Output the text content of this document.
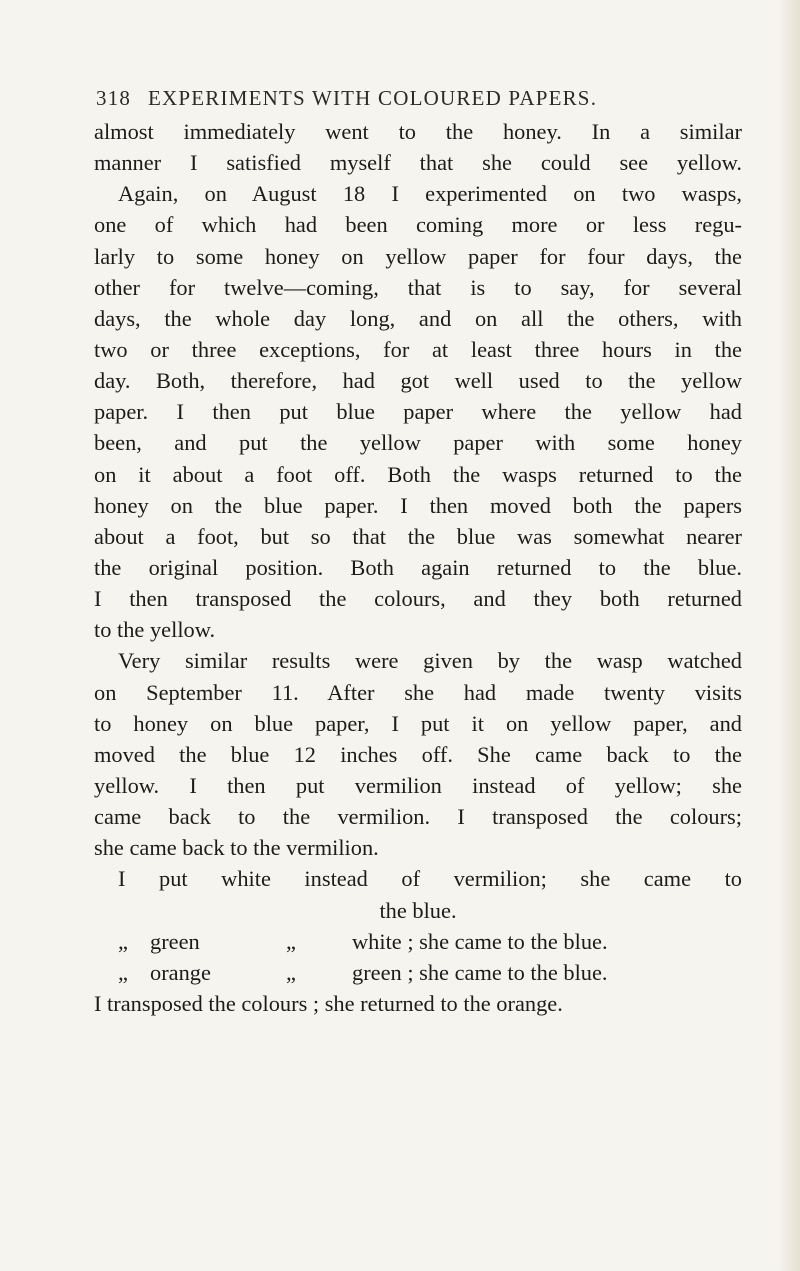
318 EXPERIMENTS WITH COLOURED PAPERS.
almost immediately went to the honey. In a similar
manner I satisfied myself that she could see yellow.
Again, on August 18 I experimented on two wasps,
one of which had been coming more or less regu-
larly to some honey on yellow paper for four days, the
other for twelve—coming, that is to say, for several
days, the whole day long, and on all the others, with
two or three exceptions, for at least three hours in the
day. Both, therefore, had got well used to the yellow
paper. I then put blue paper where the yellow had
been, and put the yellow paper with some honey
on it about a foot off. Both the wasps returned to the
honey on the blue paper. I then moved both the papers
about a foot, but so that the blue was somewhat nearer
the original position. Both again returned to the blue.
I then transposed the colours, and they both returned
to the yellow.
Very similar results were given by the wasp watched
on September 11. After she had made twenty visits
to honey on blue paper, I put it on yellow paper, and
moved the blue 12 inches off. She came back to the
yellow. I then put vermilion instead of yellow; she
came back to the vermilion. I transposed the colours;
she came back to the vermilion.
I put white instead of vermilion; she came to
the blue.
„ green	„	white ; she came to the blue.
„ orange	„	green ; she came to the blue.
I transposed the colours ; she returned to the orange.
